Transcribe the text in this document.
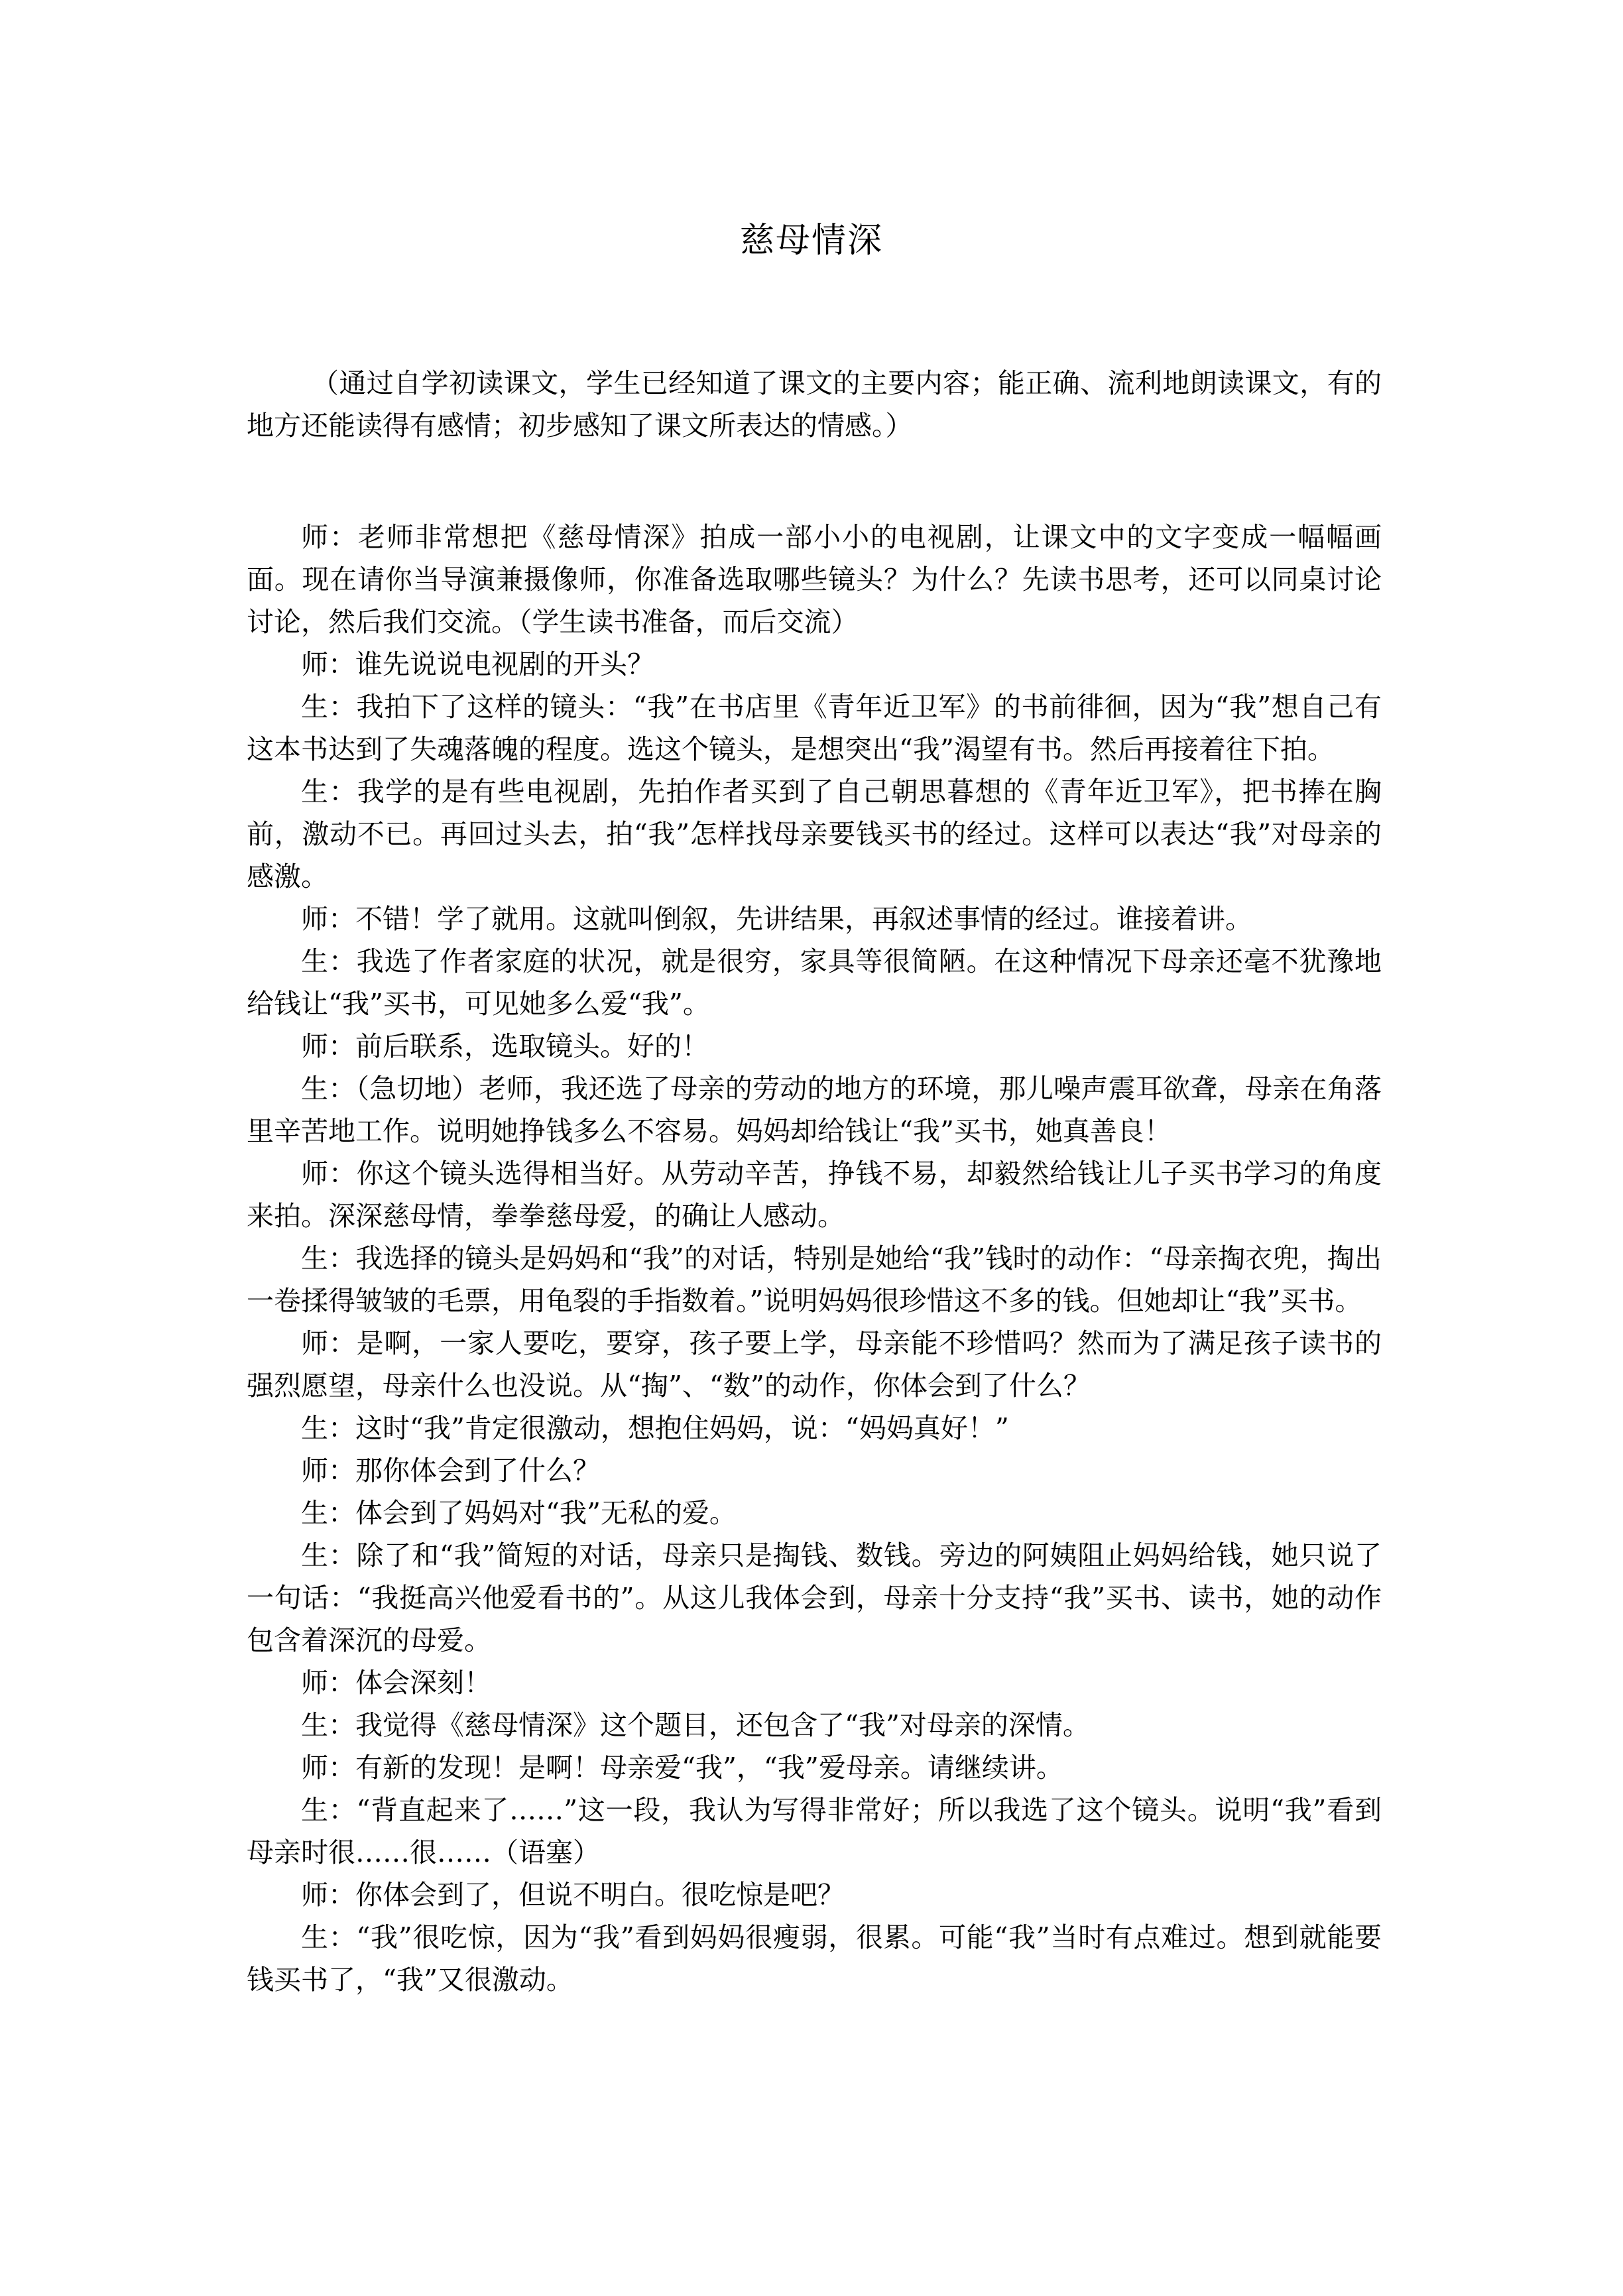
慈母情深

（通过自学初读课文，学生已经知道了课文的主要内容；能正确、流利地朗读课文，有的地方还能读得有感情；初步感知了课文所表达的情感。）

师：老师非常想把《慈母情深》拍成一部小小的电视剧，让课文中的文字变成一幅幅画面。现在请你当导演兼摄像师，你准备选取哪些镜头？为什么？先读书思考，还可以同桌讨论讨论，然后我们交流。（学生读书准备，而后交流）

师：谁先说说电视剧的开头？

生：我拍下了这样的镜头：“我”在书店里《青年近卫军》的书前徘徊，因为“我”想自己有这本书达到了失魂落魄的程度。选这个镜头，是想突出“我”渴望有书。然后再接着往下拍。

生：我学的是有些电视剧，先拍作者买到了自己朝思暮想的《青年近卫军》，把书捧在胸前，激动不已。再回过头去，拍“我”怎样找母亲要钱买书的经过。这样可以表达“我”对母亲的感激。

师：不错！学了就用。这就叫倒叙，先讲结果，再叙述事情的经过。谁接着讲。

生：我选了作者家庭的状况，就是很穷，家具等很简陋。在这种情况下母亲还毫不犹豫地给钱让“我”买书，可见她多么爱“我”。

师：前后联系，选取镜头。好的！

生：（急切地）老师，我还选了母亲的劳动的地方的环境，那儿噪声震耳欲聋，母亲在角落里辛苦地工作。说明她挣钱多么不容易。妈妈却给钱让“我”买书，她真善良！

师：你这个镜头选得相当好。从劳动辛苦，挣钱不易，却毅然给钱让儿子买书学习的角度来拍。深深慈母情，拳拳慈母爱，的确让人感动。

生：我选择的镜头是妈妈和“我”的对话，特别是她给“我”钱时的动作：“母亲掏衣兜，掏出一卷揉得皱皱的毛票，用龟裂的手指数着。”说明妈妈很珍惜这不多的钱。但她却让“我”买书。

师：是啊，一家人要吃，要穿，孩子要上学，母亲能不珍惜吗？然而为了满足孩子读书的强烈愿望，母亲什么也没说。从“掏”、“数”的动作，你体会到了什么？

生：这时“我”肯定很激动，想抱住妈妈，说：“妈妈真好！”

师：那你体会到了什么？

生：体会到了妈妈对“我”无私的爱。

生：除了和“我”简短的对话，母亲只是掏钱、数钱。旁边的阿姨阻止妈妈给钱，她只说了一句话：“我挺高兴他爱看书的”。从这儿我体会到，母亲十分支持“我”买书、读书，她的动作包含着深沉的母爱。

师：体会深刻！

生：我觉得《慈母情深》这个题目，还包含了“我”对母亲的深情。

师：有新的发现！是啊！母亲爱“我”，“我”爱母亲。请继续讲。

生：“背直起来了……”这一段，我认为写得非常好；所以我选了这个镜头。说明“我”看到母亲时很……很……（语塞）

师：你体会到了，但说不明白。很吃惊是吧？

生：“我”很吃惊，因为“我”看到妈妈很瘦弱，很累。可能“我”当时有点难过。想到就能要钱买书了，“我”又很激动。
